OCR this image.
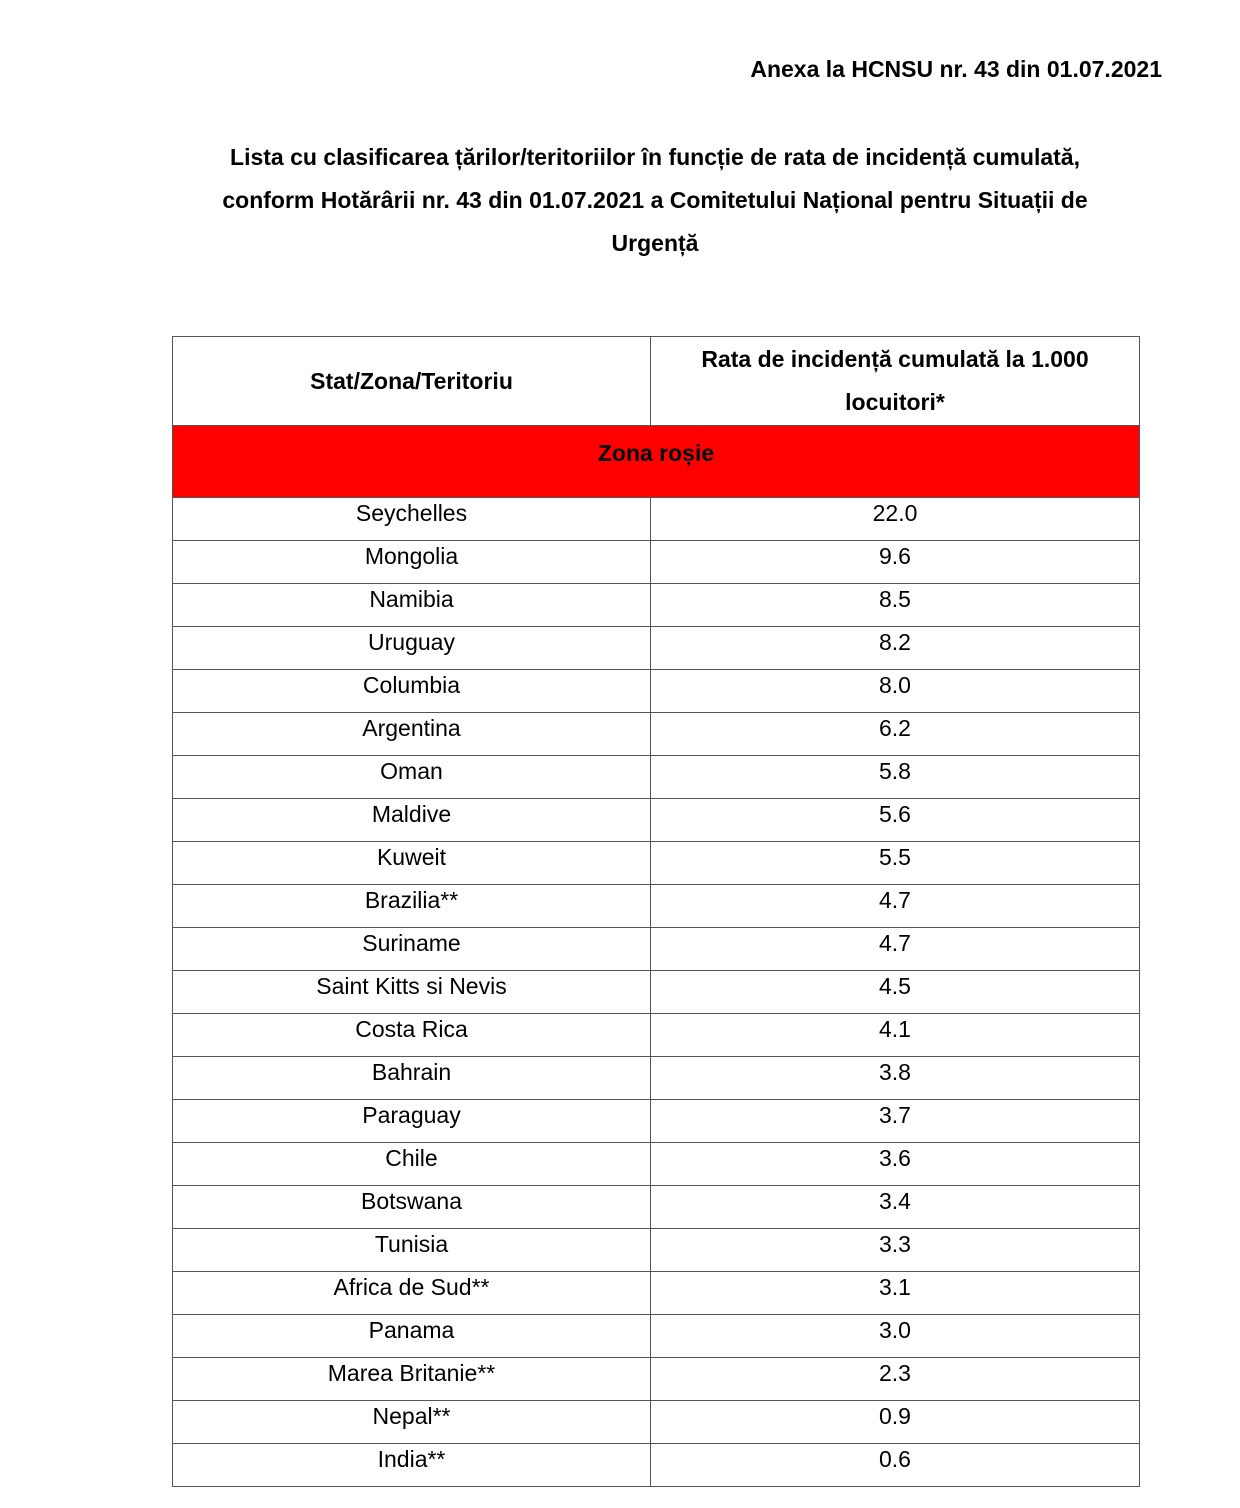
Anexa la HCNSU nr. 43 din 01.07.2021
Lista cu clasificarea țărilor/teritoriilor în funcție de rata de incidență cumulată,
conform Hotărârii nr. 43 din 01.07.2021 a Comitetului Național pentru Situații de
Urgență
Stat/Zona/Teritoriu	Rata de incidență cumulată la 1.000
locuitori*

Zona roșie	
Seychelles	22.0
Mongolia	9.6
Namibia	8.5
Uruguay	8.2
Columbia	8.0
Argentina	6.2
Oman	5.8
Maldive	5.6
Kuweit	5.5
Brazilia**	4.7
Suriname	4.7
Saint Kitts si Nevis	4.5
Costa Rica	4.1
Bahrain	3.8
Paraguay	3.7
Chile	3.6
Botswana	3.4
Tunisia	3.3
Africa de Sud**	3.1
Panama	3.0
Marea Britanie**	2.3
Nepal**	0.9
India**	0.6
